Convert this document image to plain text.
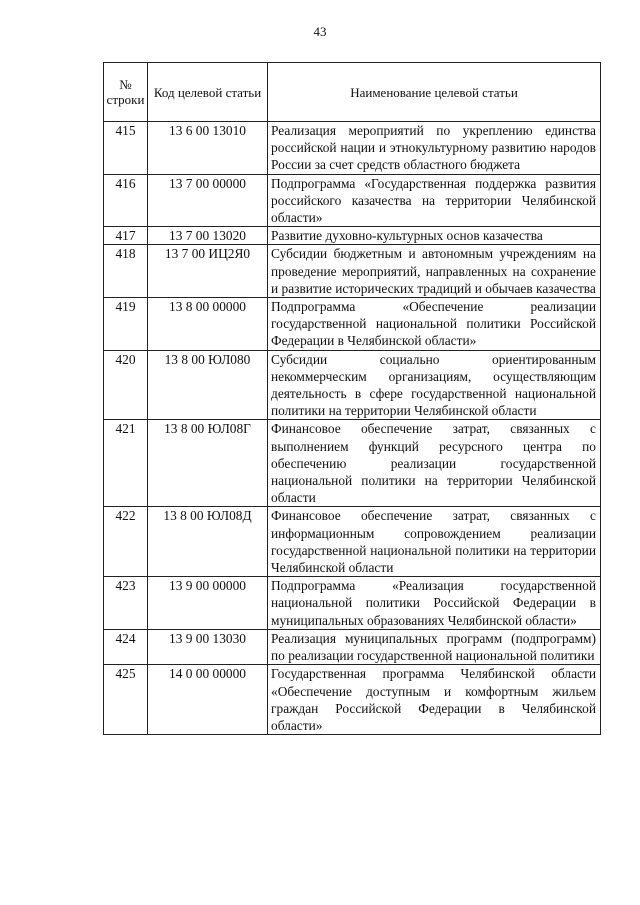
43
№ строки	Код целевой статьи	Наименование целевой статьи
415	13 6 00 13010	Реализация мероприятий по укреплению единства российской нации и этнокультурному развитию народов России за счет средств областного бюджета
416	13 7 00 00000	Подпрограмма «Государственная поддержка развития российского казачества на территории Челябинской области»
417	13 7 00 13020	Развитие духовно-культурных основ казачества
418	13 7 00 ИЦ2Я0	Субсидии бюджетным и автономным учреждениям на проведение мероприятий, направленных на сохранение и развитие исторических традиций и обычаев казачества
419	13 8 00 00000	Подпрограмма «Обеспечение реализации государственной национальной политики Российской Федерации в Челябинской области»
420	13 8 00 ЮЛ080	Субсидии социально ориентированным некоммерческим организациям, осуществляющим деятельность в сфере государственной национальной политики на территории Челябинской области
421	13 8 00 ЮЛ08Г	Финансовое обеспечение затрат, связанных с выполнением функций ресурсного центра по обеспечению реализации государственной национальной политики на территории Челябинской области
422	13 8 00 ЮЛ08Д	Финансовое обеспечение затрат, связанных с информационным сопровождением реализации государственной национальной политики на территории Челябинской области
423	13 9 00 00000	Подпрограмма «Реализация государственной национальной политики Российской Федерации в муниципальных образованиях Челябинской области»
424	13 9 00 13030	Реализация муниципальных программ (подпрограмм) по реализации государственной национальной политики
425	14 0 00 00000	Государственная программа Челябинской области «Обеспечение доступным и комфортным жильем граждан Российской Федерации в Челябинской области»
